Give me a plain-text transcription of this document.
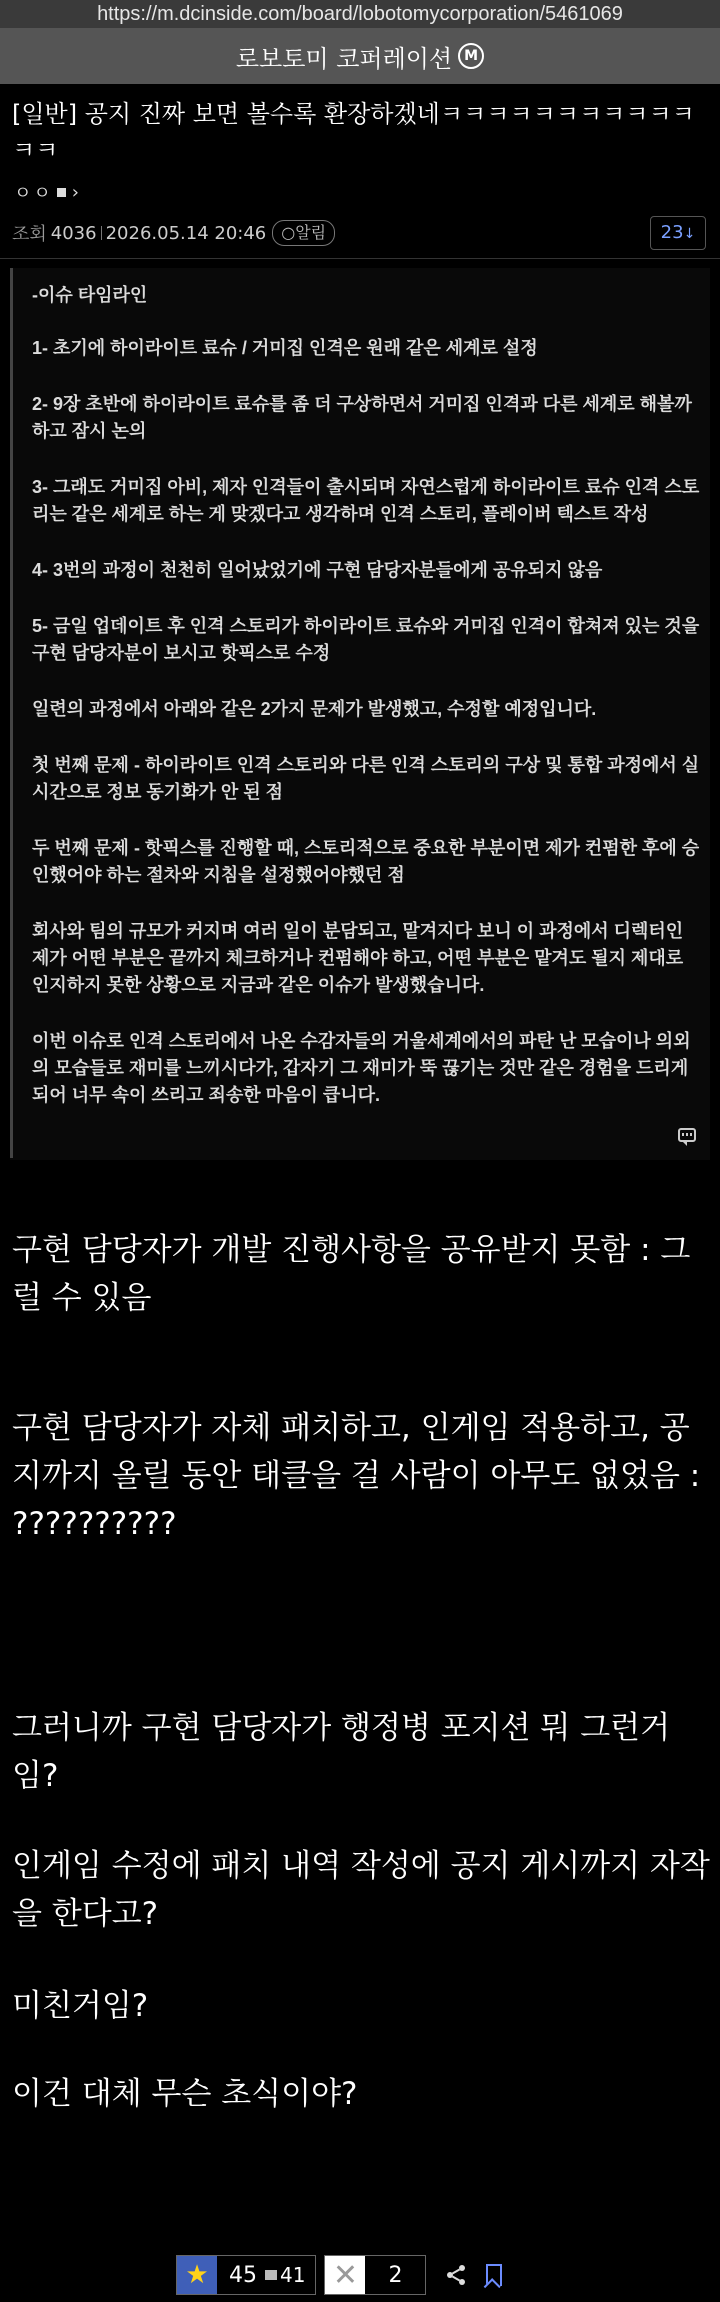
https://m.dcinside.com/board/lobotomycorporation/5461069
로보토미 코퍼레이션 M
[일반] 공지 진짜 보면 볼수록 환장하겠네ㅋㅋㅋㅋㅋㅋㅋㅋㅋㅋㅋㅋㅋ
ㅇㅇ ›
조회 4036 2026.05.14 20:46 ○알림	23↓

-이슈 타임라인

1- 초기에 하이라이트 료슈 / 거미집 인격은 원래 같은 세계로 설정

2- 9장 초반에 하이라이트 료슈를 좀 더 구상하면서 거미집 인격과 다른 세계로 해볼까 하고 잠시 논의

3- 그래도 거미집 아비, 제자 인격들이 출시되며 자연스럽게 하이라이트 료슈 인격 스토리는 같은 세계로 하는 게 맞겠다고 생각하며 인격 스토리, 플레이버 텍스트 작성

4- 3번의 과정이 천천히 일어났었기에 구현 담당자분들에게 공유되지 않음

5- 금일 업데이트 후 인격 스토리가 하이라이트 료슈와 거미집 인격이 합쳐져 있는 것을 구현 담당자분이 보시고 핫픽스로 수정

일련의 과정에서 아래와 같은 2가지 문제가 발생했고, 수정할 예정입니다.

첫 번째 문제 - 하이라이트 인격 스토리와 다른 인격 스토리의 구상 및 통합 과정에서 실시간으로 정보 동기화가 안 된 점

두 번째 문제 - 핫픽스를 진행할 때, 스토리적으로 중요한 부분이면 제가 컨펌한 후에 승인했어야 하는 절차와 지침을 설정했어야했던 점

회사와 팀의 규모가 커지며 여러 일이 분담되고, 맡겨지다 보니 이 과정에서 디렉터인 제가 어떤 부분은 끝까지 체크하거나 컨펌해야 하고, 어떤 부분은 맡겨도 될지 제대로 인지하지 못한 상황으로 지금과 같은 이슈가 발생했습니다.

이번 이슈로 인격 스토리에서 나온 수감자들의 거울세계에서의 파탄 난 모습이나 의외의 모습들로 재미를 느끼시다가, 갑자기 그 재미가 뚝 끊기는 것만 같은 경험을 드리게 되어 너무 속이 쓰리고 죄송한 마음이 큽니다.

구현 담당자가 개발 진행사항을 공유받지 못함 : 그럴 수 있음
구현 담당자가 자체 패치하고, 인게임 적용하고, 공지까지 올릴 동안 태클을 걸 사람이 아무도 없었음 : ??????????
그러니까 구현 담당자가 행정병 포지션 뭐 그런거임?
인게임 수정에 패치 내역 작성에 공지 게시까지 자작을 한다고?
미친거임?
이건 대체 무슨 초식이야?
★ 45 41 ✕	2
